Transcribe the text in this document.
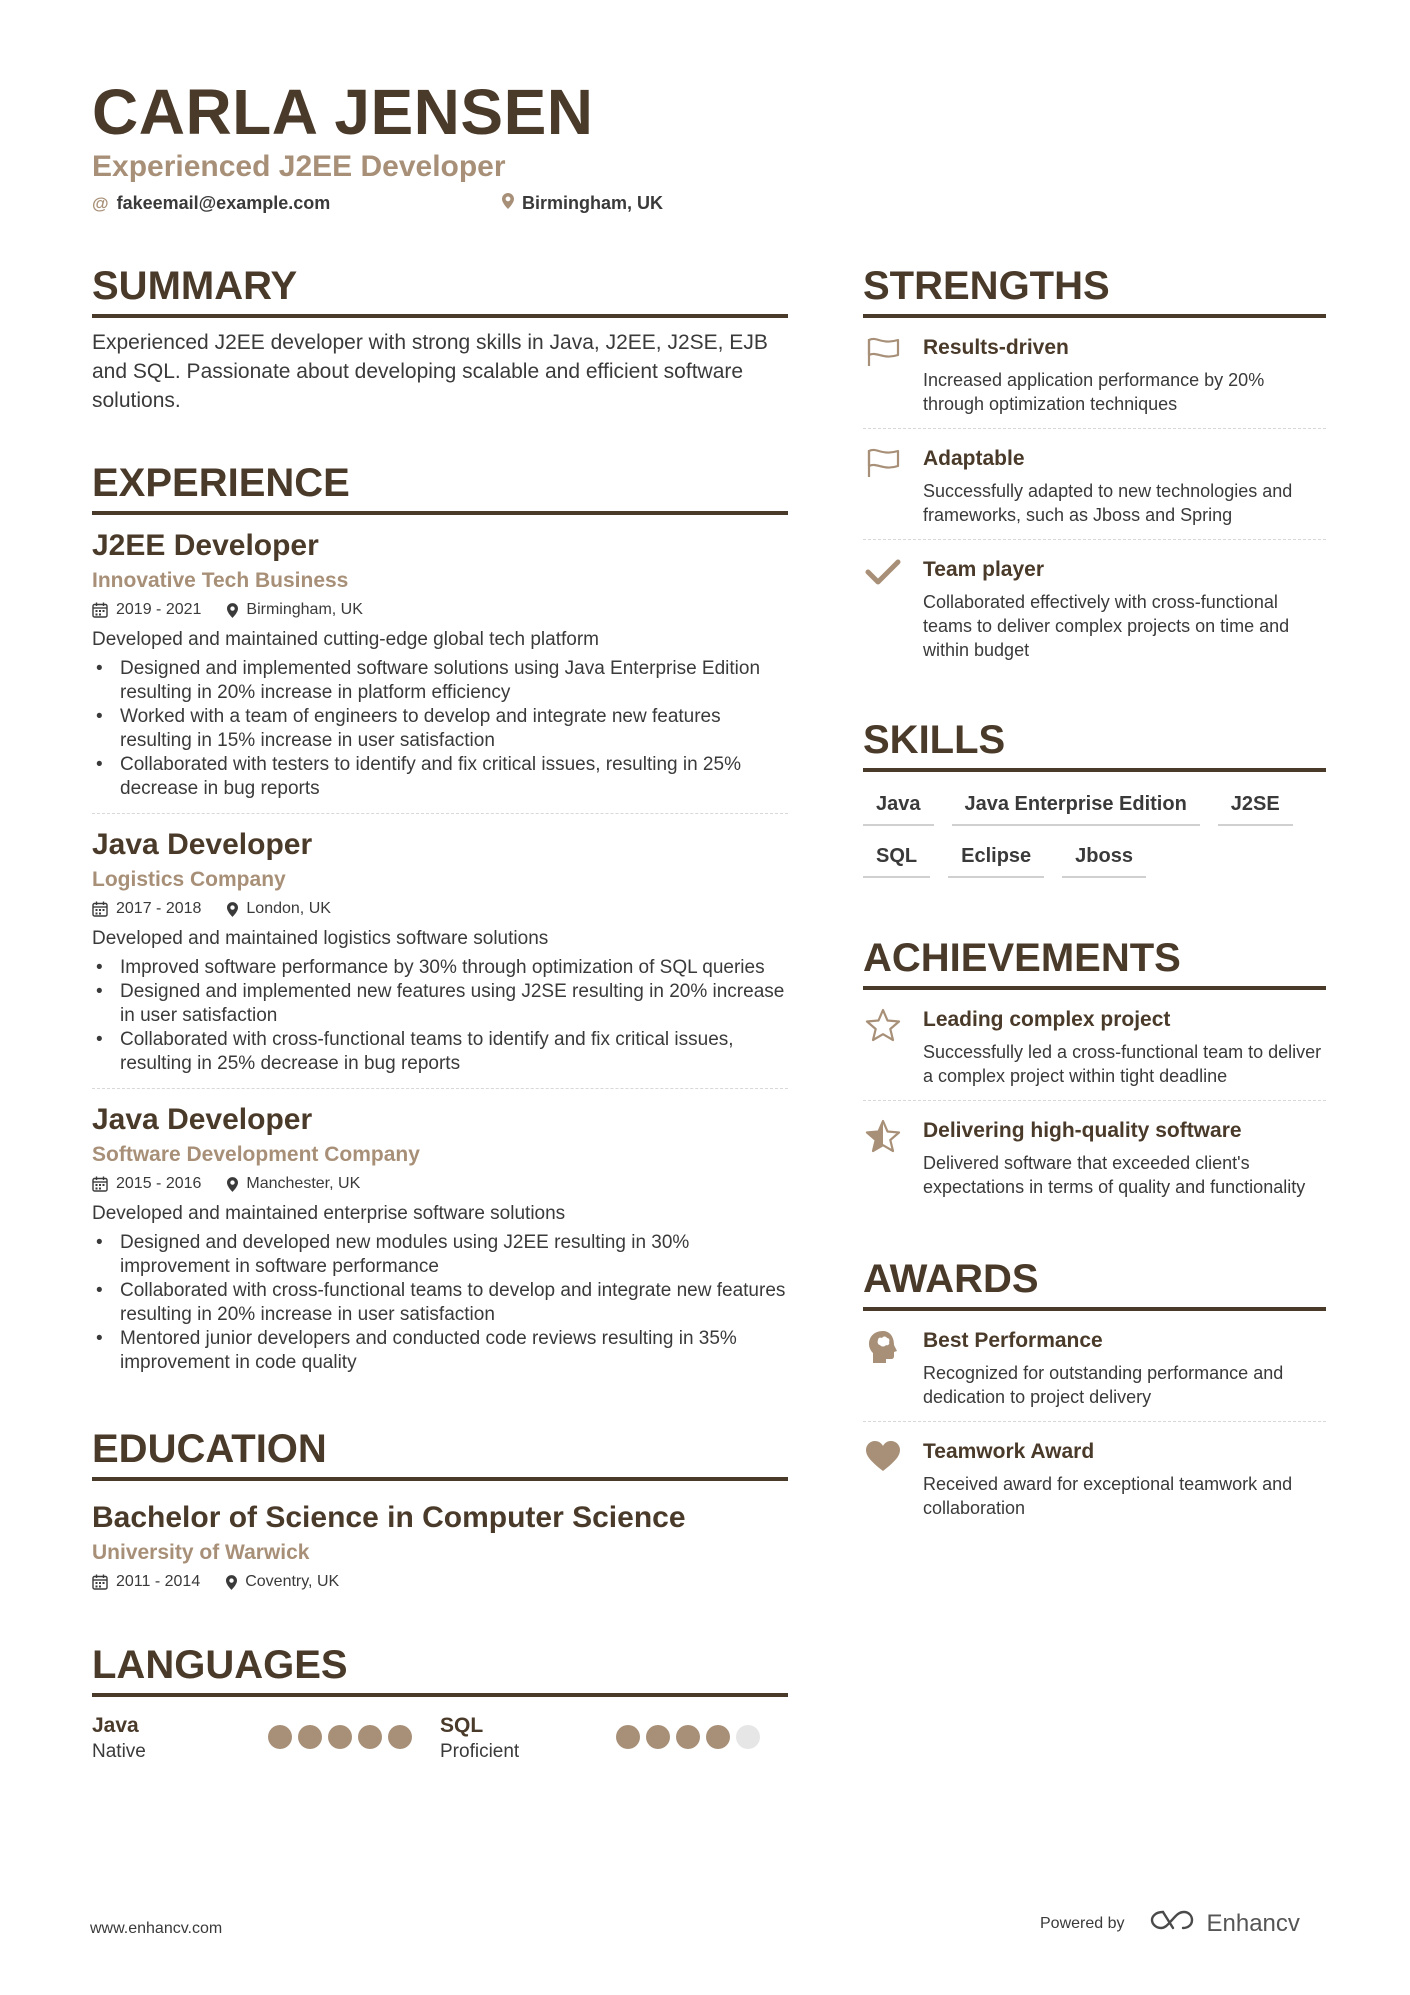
CARLA JENSEN
Experienced J2EE Developer
@ fakeemail@example.com	Birmingham, UK
SUMMARY

Experienced J2EE developer with strong skills in Java, J2EE, J2SE, EJB and SQL. Passionate about developing scalable and efficient software solutions.

EXPERIENCE
J2EE Developer
Innovative Tech Business
2019 - 2021	Birmingham, UK

Developed and maintained cutting-edge global tech platform

• Designed and implemented software solutions using Java Enterprise Edition resulting in 20% increase in platform efficiency
• Worked with a team of engineers to develop and integrate new features resulting in 15% increase in user satisfaction
• Collaborated with testers to identify and fix critical issues, resulting in 25% decrease in bug reports
Java Developer
Logistics Company
2017 - 2018	London, UK

Developed and maintained logistics software solutions

• Improved software performance by 30% through optimization of SQL queries
• Designed and implemented new features using J2SE resulting in 20% increase in user satisfaction
• Collaborated with cross-functional teams to identify and fix critical issues, resulting in 25% decrease in bug reports
Java Developer
Software Development Company
2015 - 2016	Manchester, UK

Developed and maintained enterprise software solutions

• Designed and developed new modules using J2EE resulting in 30% improvement in software performance
• Collaborated with cross-functional teams to develop and integrate new features resulting in 20% increase in user satisfaction
• Mentored junior developers and conducted code reviews resulting in 35% improvement in code quality
EDUCATION
Bachelor of Science in Computer Science
University of Warwick
2011 - 2014	Coventry, UK
LANGUAGES
Java
Native
SQL
Proficient
STRENGTHS
Results-driven

Increased application performance by 20% through optimization techniques

Adaptable

Successfully adapted to new technologies and frameworks, such as Jboss and Spring

Team player

Collaborated effectively with cross-functional teams to deliver complex projects on time and within budget

SKILLS
Java	Java Enterprise Edition	J2SE
SQL	Eclipse	Jboss
ACHIEVEMENTS
Leading complex project

Successfully led a cross-functional team to deliver a complex project within tight deadline

Delivering high-quality software

Delivered software that exceeded client's expectations in terms of quality and functionality

AWARDS
Best Performance

Recognized for outstanding performance and dedication to project delivery

Teamwork Award

Received award for exceptional teamwork and collaboration

www.enhancv.com	Powered by	Enhancv
